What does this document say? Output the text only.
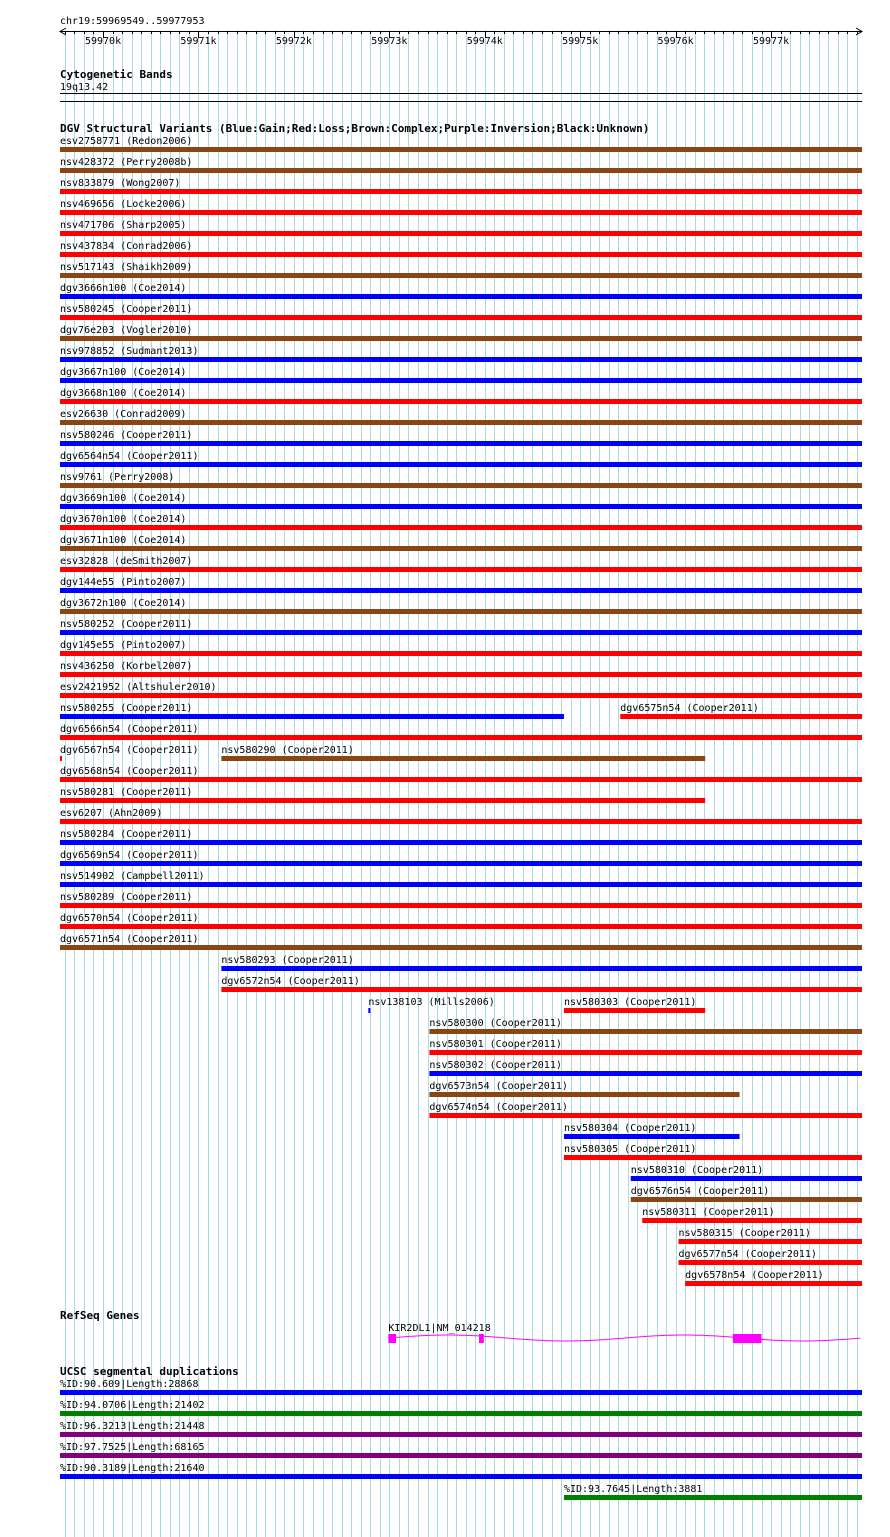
chr19:59969549..59977953
59970k	59971k	59972k	59973k	59974k	59975k	59976k	59977k
Cytogenetic Bands
19q13.42
DGV Structural Variants (Blue:Gain;Red:Loss;Brown:Complex;Purple:Inversion;Black:Unknown)
esv2758771 (Redon2006)
nsv428372 (Perry2008b)
nsv833879 (Wong2007)
nsv469656 (Locke2006)
nsv471706 (Sharp2005)
nsv437834 (Conrad2006)
nsv517143 (Shaikh2009)
dgv3666n100 (Coe2014)
nsv580245 (Cooper2011)
dgv76e203 (Vogler2010)
nsv978852 (Sudmant2013)
dgv3667n100 (Coe2014)
dgv3668n100 (Coe2014)
esv26630 (Conrad2009)
nsv580246 (Cooper2011)
dgv6564n54 (Cooper2011)
nsv9761 (Perry2008)
dgv3669n100 (Coe2014)
dgv3670n100 (Coe2014)
dgv3671n100 (Coe2014)
esv32828 (deSmith2007)
dgv144e55 (Pinto2007)
dgv3672n100 (Coe2014)
nsv580252 (Cooper2011)
dgv145e55 (Pinto2007)
nsv436250 (Korbel2007)
esv2421952 (Altshuler2010)
nsv580255 (Cooper2011)	dgv6575n54 (Cooper2011)
dgv6566n54 (Cooper2011)
dgv6567n54 (Cooper2011) nsv580290 (Cooper2011)
dgv6568n54 (Cooper2011)
nsv580281 (Cooper2011)
esv6207 (Ahn2009)
nsv580284 (Cooper2011)
dgv6569n54 (Cooper2011)
nsv514902 (Campbell2011)
nsv580289 (Cooper2011)
dgv6570n54 (Cooper2011)
dgv6571n54 (Cooper2011)
nsv580293 (Cooper2011)
dgv6572n54 (Cooper2011)
nsv138103 (Mills2006)	nsv580303 (Cooper2011)
nsv580300 (Cooper2011)
nsv580301 (Cooper2011)
nsv580302 (Cooper2011)
dgv6573n54 (Cooper2011)
dgv6574n54 (Cooper2011)
nsv580304 (Cooper2011)
nsv580305 (Cooper2011)
nsv580310 (Cooper2011)
dgv6576n54 (Cooper2011)
nsv580311 (Cooper2011)
nsv580315 (Cooper2011)
dgv6577n54 (Cooper2011)
dgv6578n54 (Cooper2011)
RefSeq Genes
KIR2DL1|NM_014218
UCSC segmental duplications
%ID:90.609|Length:28868
%ID:94.0706|Length:21402
%ID:96.3213|Length:21448
%ID:97.7525|Length:68165
%ID:90.3189|Length:21640
%ID:93.7645|Length:3881
